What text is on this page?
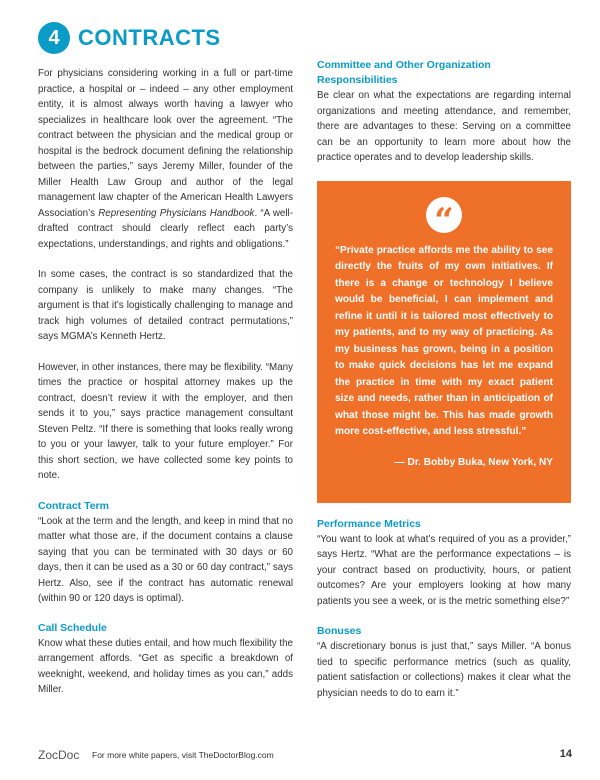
4 CONTRACTS

For physicians considering working in a full or part-time practice, a hospital or – indeed – any other employment entity, it is almost always worth having a lawyer who specializes in healthcare look over the agreement. “The contract between the physician and the medical group or hospital is the bedrock document defining the relationship between the parties,” says Jeremy Miller, founder of the Miller Health Law Group and author of the legal management law chapter of the American Health Lawyers Association’s Representing Physicians Handbook. “A well-drafted contract should clearly reflect each party’s expectations, understandings, and rights and obligations.”

In some cases, the contract is so standardized that the company is unlikely to make many changes. “The argument is that it’s logistically challenging to manage and track high volumes of detailed contract permutations,” says MGMA’s Kenneth Hertz.

However, in other instances, there may be flexibility. “Many times the practice or hospital attorney makes up the contract, doesn’t review it with the employer, and then sends it to you,” says practice management consultant Steven Peltz. “If there is something that looks really wrong to you or your lawyer, talk to your future employer.” For this short section, we have collected some key points to note.

Contract Term

“Look at the term and the length, and keep in mind that no matter what those are, if the document contains a clause saying that you can be terminated with 30 days or 60 days, then it can be used as a 30 or 60 day contract,” says Hertz. Also, see if the contract has automatic renewal (within 90 or 120 days is optimal).

Call Schedule

Know what these duties entail, and how much flexibility the arrangement affords. “Get as specific a breakdown of weeknight, weekend, and holiday times as you can,” adds Miller.

Committee and Other Organization Responsibilities

Be clear on what the expectations are regarding internal organizations and meeting attendance, and remember, there are advantages to these: Serving on a committee can be an opportunity to learn more about how the practice operates and to develop leadership skills.

“

“Private practice affords me the ability to see directly the fruits of my own initiatives. If there is a change or technology I believe would be beneficial, I can implement and refine it until it is tailored most effectively to my patients, and to my way of practicing. As my business has grown, being in a position to make quick decisions has let me expand the practice in time with my exact patient size and needs, rather than in anticipation of what those might be. This has made growth more cost-effective, and less stressful.”

— Dr. Bobby Buka, New York, NY
Performance Metrics

“You want to look at what’s required of you as a provider,” says Hertz. “What are the performance expectations – is your contract based on productivity, hours, or patient outcomes? Are your employers looking at how many patients you see a week, or is the metric something else?”

Bonuses

“A discretionary bonus is just that,” says Miller. “A bonus tied to specific performance metrics (such as quality, patient satisfaction or collections) makes it clear what the physician needs to do to earn it.”

ZocDoc For more white papers, visit TheDoctorBlog.com	14
